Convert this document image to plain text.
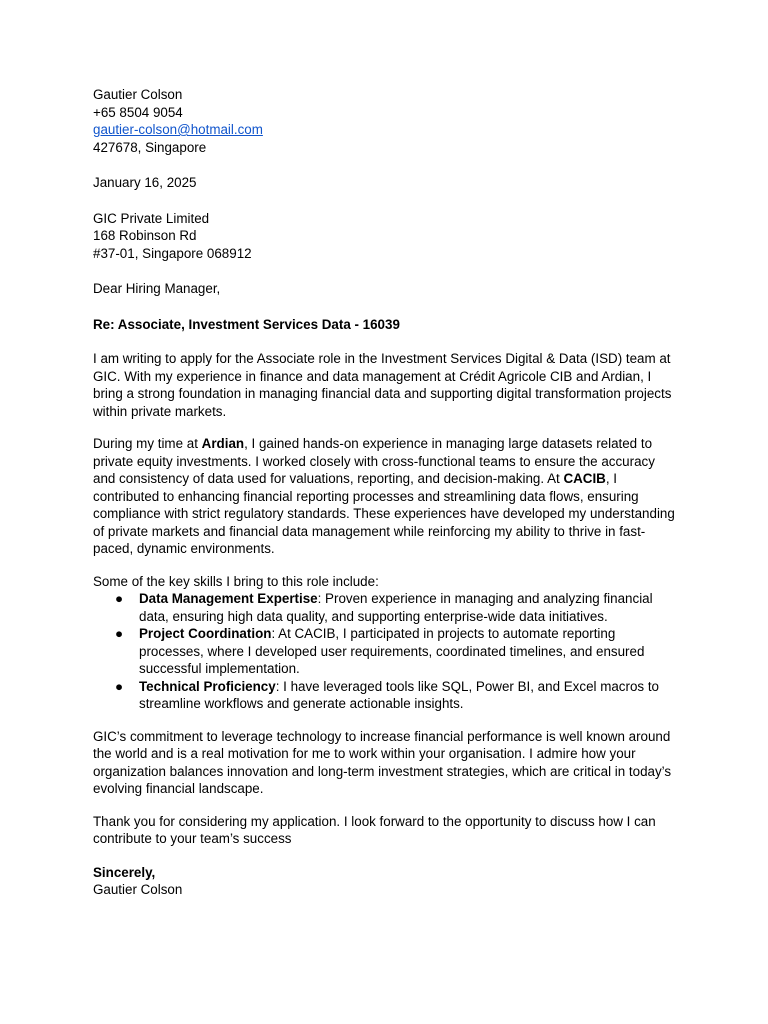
Gautier Colson
+65 8504 9054
gautier-colson@hotmail.com
427678, Singapore
January 16, 2025
GIC Private Limited
168 Robinson Rd
#37-01, Singapore 068912
Dear Hiring Manager,
Re: Associate, Investment Services Data - 16039

I am writing to apply for the Associate role in the Investment Services Digital & Data (ISD) team at GIC. With my experience in finance and data management at Crédit Agricole CIB and Ardian, I bring a strong foundation in managing financial data and supporting digital transformation projects within private markets.

During my time at Ardian, I gained hands-on experience in managing large datasets related to private equity investments. I worked closely with cross-functional teams to ensure the accuracy and consistency of data used for valuations, reporting, and decision-making. At CACIB, I contributed to enhancing financial reporting processes and streamlining data flows, ensuring compliance with strict regulatory standards. These experiences have developed my understanding of private markets and financial data management while reinforcing my ability to thrive in fast-paced, dynamic environments.

Some of the key skills I bring to this role include:

● Data Management Expertise: Proven experience in managing and analyzing financial data, ensuring high data quality, and supporting enterprise-wide data initiatives.
● Project Coordination: At CACIB, I participated in projects to automate reporting processes, where I developed user requirements, coordinated timelines, and ensured successful implementation.
● Technical Proficiency: I have leveraged tools like SQL, Power BI, and Excel macros to streamline workflows and generate actionable insights.

GIC’s commitment to leverage technology to increase financial performance is well known around the world and is a real motivation for me to work within your organisation. I admire how your organization balances innovation and long-term investment strategies, which are critical in today’s evolving financial landscape.

Thank you for considering my application. I look forward to the opportunity to discuss how I can contribute to your team’s success

Sincerely,
Gautier Colson
